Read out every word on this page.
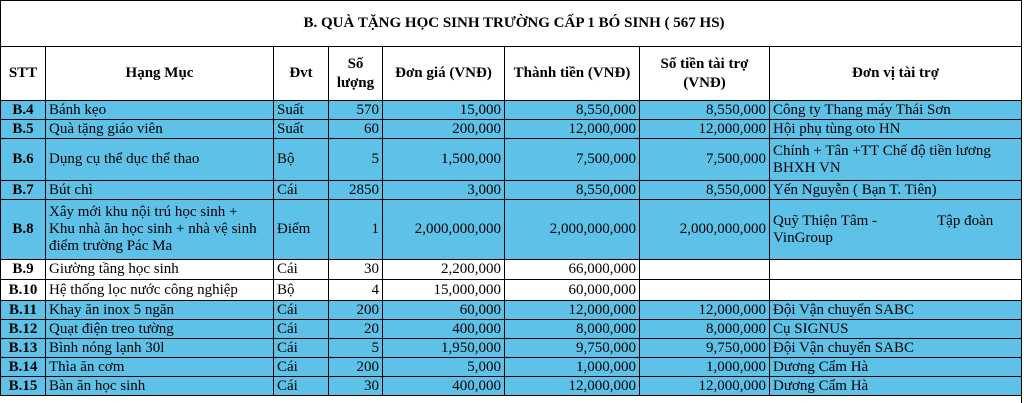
		B. QUÀ TẶNG HỌC SINH TRƯỜNG CẤP 1 BÓ SINH ( 567 HS)					
STT	Hạng Mục	Đvt	Số
lượng	Đơn giá (VNĐ)	Thành tiền (VNĐ)	Số tiền tài trợ
(VNĐ)	Đơn vị tài trợ
B.4	Bánh kẹo	Suất	570	15,000	8,550,000	8,550,000	Công ty Thang máy Thái Sơn
B.5	Quà tặng giáo viên	Suất	60	200,000	12,000,000	12,000,000	Hội phụ tùng oto HN
B.6	Dụng cụ thể dục thể thao	Bộ	5	1,500,000	7,500,000	7,500,000	Chính + Tân +TT Chế độ tiền lương
BHXH VN
B.7	Bút chì	Cái	2850	3,000	8,550,000	8,550,000	Yến Nguyễn ( Bạn T. Tiên)
B.8	Xây mới khu nội trú học sinh +
Khu nhà ăn học sinh + nhà vệ sinh
điểm trường Pác Ma	Điểm	1	2,000,000,000	2,000,000,000	2,000,000,000	Quỹ Thiện Tâm - Tập đoàn
VinGroup
B.9	Giường tầng học sinh	Cái	30	2,200,000	66,000,000		
B.10	Hệ thống lọc nước công nghiệp	Bộ	4	15,000,000	60,000,000		
B.11	Khay ăn inox 5 ngăn	Cái	200	60,000	12,000,000	12,000,000	Đội Vận chuyển SABC
B.12	Quạt điện treo tường	Cái	20	400,000	8,000,000	8,000,000	Cụ SIGNUS
B.13	Bình nóng lạnh 30l	Cái	5	1,950,000	9,750,000	9,750,000	Đội Vận chuyển SABC
B.14	Thìa ăn cơm	Cái	200	5,000	1,000,000	1,000,000	Dương Cẩm Hà
B.15	Bàn ăn học sinh	Cái	30	400,000	12,000,000	12,000,000	Dương Cẩm Hà
